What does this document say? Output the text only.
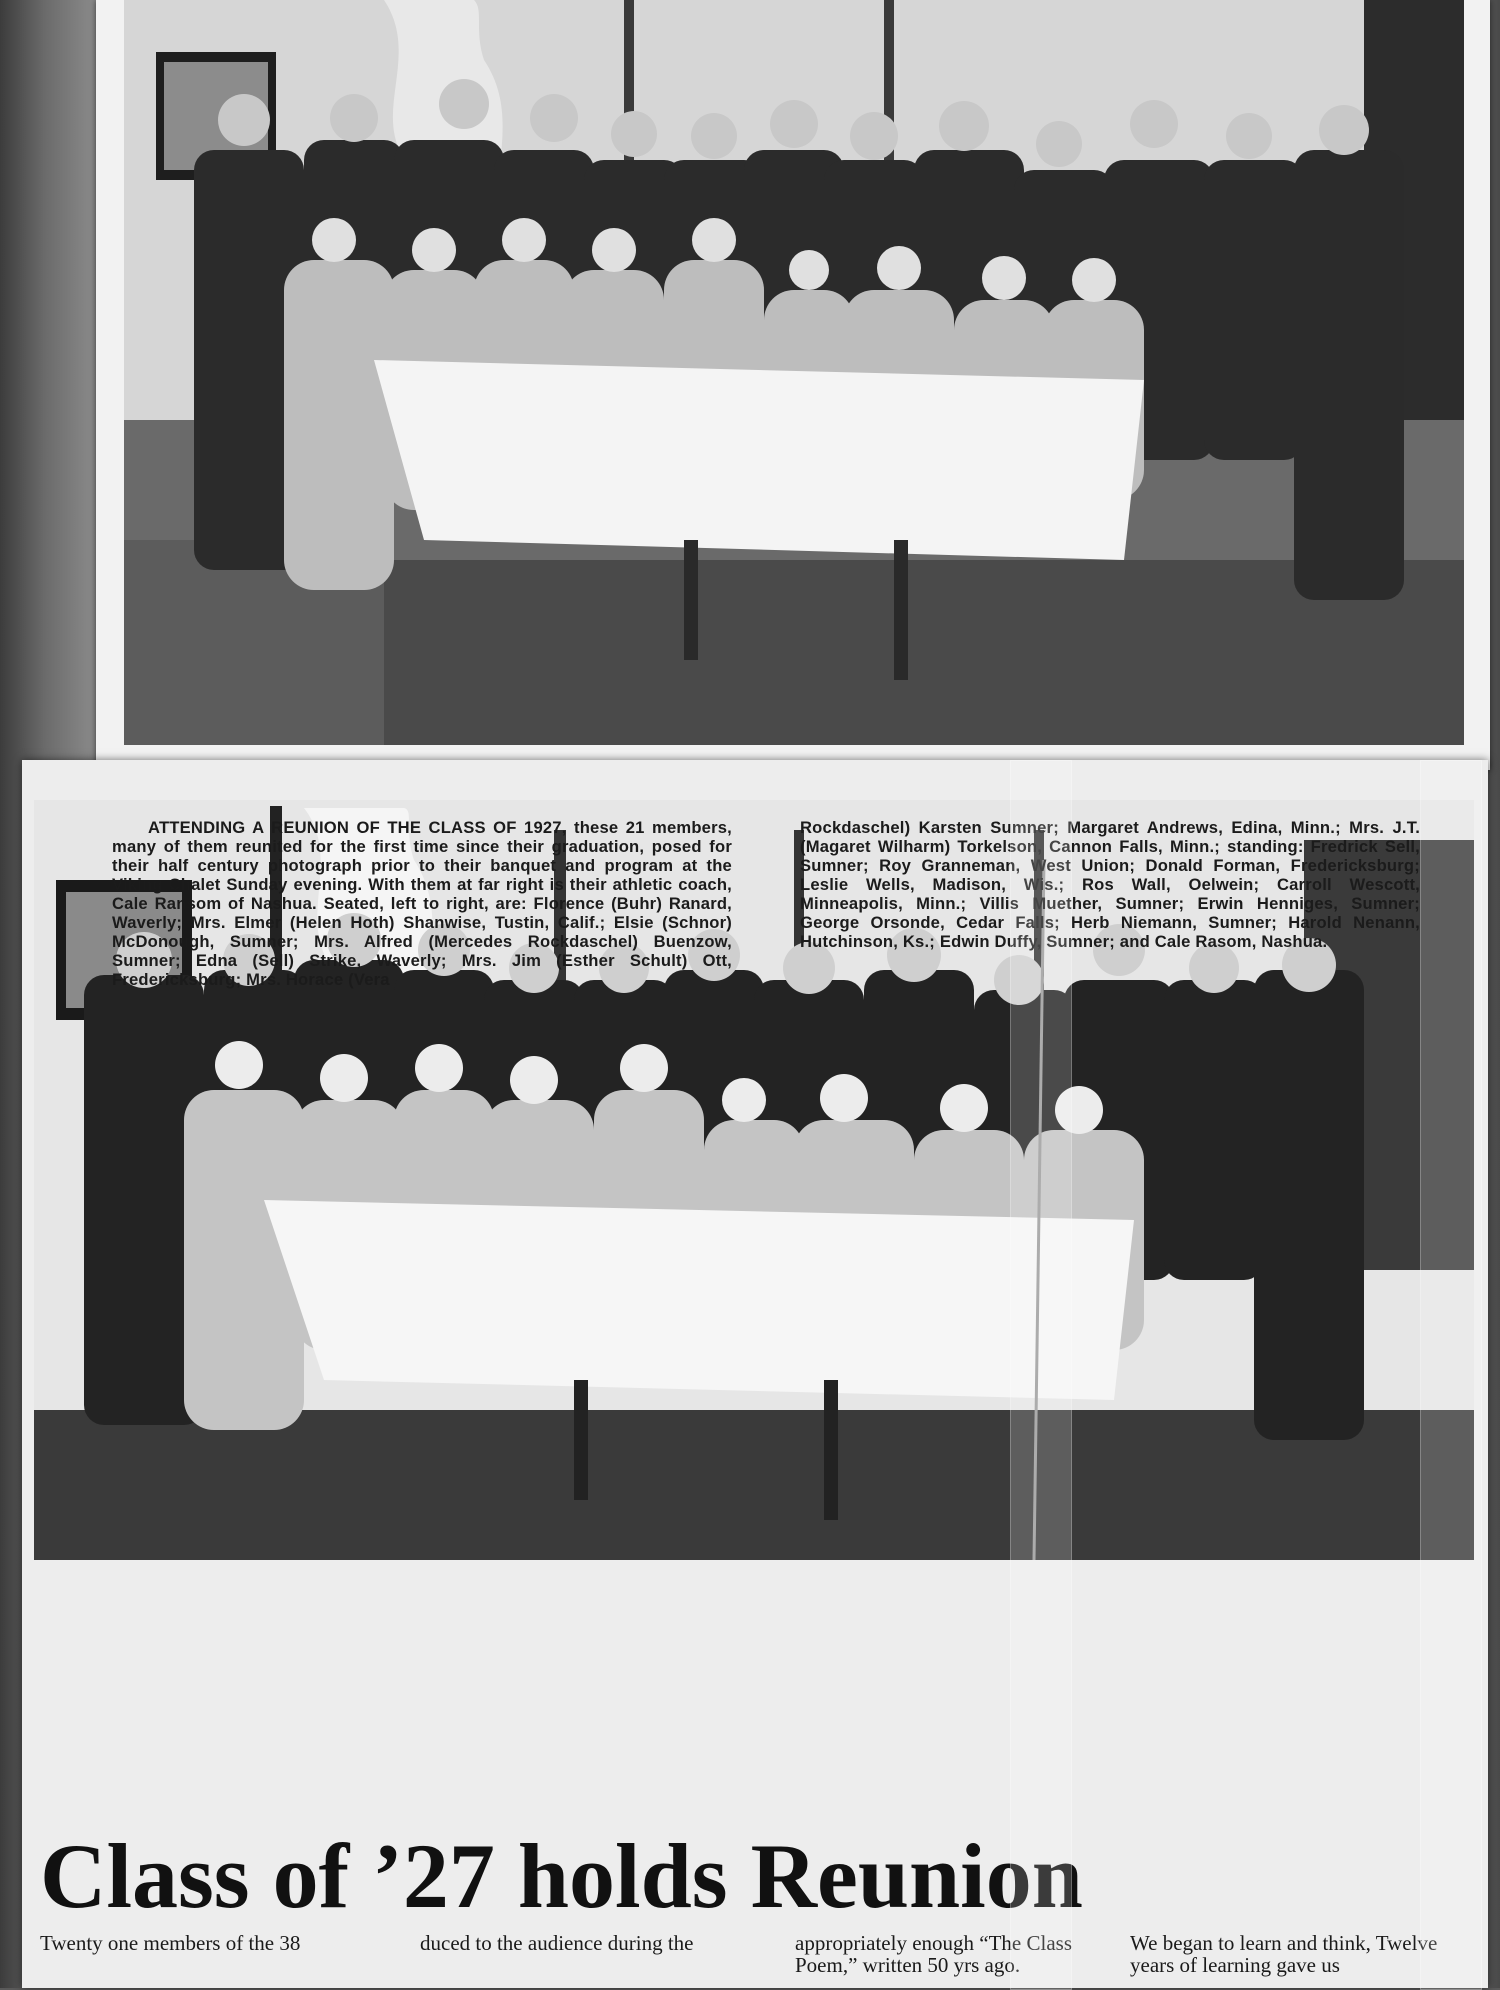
ATTENDING A REUNION OF THE CLASS OF 1927, these 21 members, many of them reunited for the first time since their graduation, posed for their half century photograph prior to their banquet and program at the Viking Chalet Sunday evening. With them at far right is their athletic coach, Cale Ransom of Nashua. Seated, left to right, are: Florence (Buhr) Ranard, Waverly; Mrs. Elmer (Helen Hoth) Shanwise, Tustin, Calif.; Elsie (Schnor) McDonough, Sumner; Mrs. Alfred (Mercedes Rockdaschel) Buenzow, Sumner; Edna (Sell) Strike, Waverly; Mrs. Jim (Esther Schult) Ott, Fredericksburg; Mrs. Horace (Vera

Rockdaschel) Karsten Sumner; Margaret Andrews, Edina, Minn.; Mrs. J.T. (Magaret Wilharm) Torkelson, Cannon Falls, Minn.; standing: Fredrick Sell, Sumner; Roy Granneman, West Union; Donald Forman, Fredericksburg; Leslie Wells, Madison, Wis.; Ros Wall, Oelwein; Carroll Wescott, Minneapolis, Minn.; Villis Muether, Sumner; Erwin Henniges, Sumner; George Orsonde, Cedar Falls; Herb Niemann, Sumner; Harold Nenann, Hutchinson, Ks.; Edwin Duffy, Sumner; and Cale Rasom, Nashua.

Class of ’27 holds Reunion

Twenty one members of the 38	duced to the audience during the	appropriately enough “The Class Poem,” written 50 yrs ago.

We began to learn and think, Twelve years of learning gave us
